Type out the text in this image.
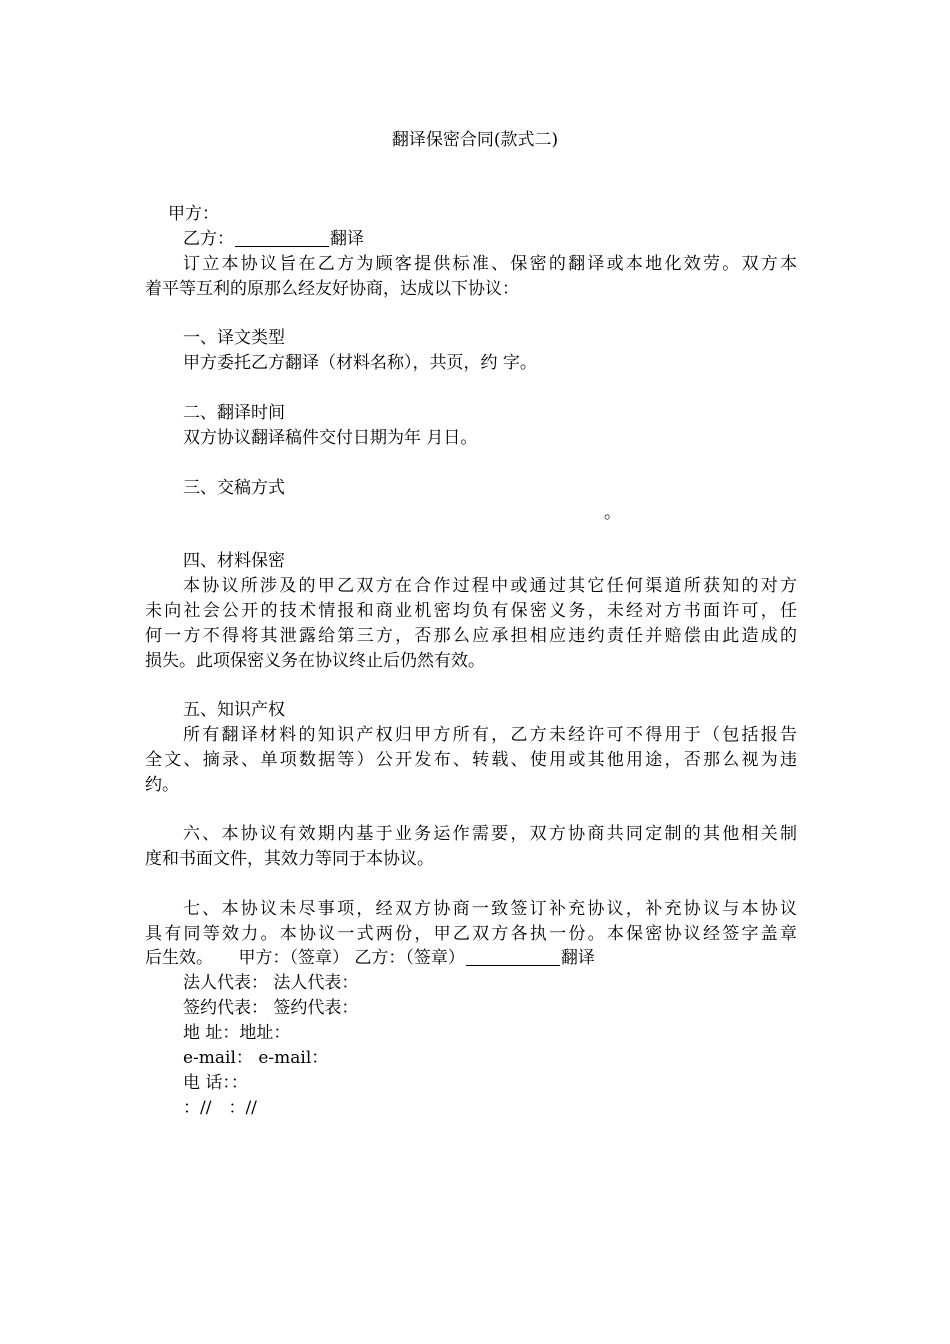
翻译保密合同(款式二)
甲方：
乙方：	翻译
订立本协议旨在乙方为顾客提供标准、保密的翻译或本地化效劳。双方本
着平等互利的原那么经友好协商，达成以下协议：
一、译文类型
甲方委托乙方翻译（材料名称），共页，约 字。
二、翻译时间
双方协议翻译稿件交付日期为年 月日。
三、交稿方式
。
四、材料保密
本协议所涉及的甲乙双方在合作过程中或通过其它任何渠道所获知的对方
未向社会公开的技术情报和商业机密均负有保密义务，未经对方书面许可，任
何一方不得将其泄露给第三方，否那么应承担相应违约责任并赔偿由此造成的
损失。此项保密义务在协议终止后仍然有效。
五、知识产权
所有翻译材料的知识产权归甲方所有，乙方未经许可不得用于（包括报告
全文、摘录、单项数据等）公开发布、转载、使用或其他用途，否那么视为违
约。
六、本协议有效期内基于业务运作需要，双方协商共同定制的其他相关制
度和书面文件，其效力等同于本协议。
七、本协议未尽事项，经双方协商一致签订补充协议，补充协议与本协议
具有同等效力。本协议一式两份，甲乙双方各执一份。本保密协议经签字盖章
后生效。　　甲方：（签章） 乙方：（签章）	翻译
法人代表： 法人代表：
签约代表： 签约代表：
地 址：地址：
e-mail： e-mail：
电 话：：
：//　：//
